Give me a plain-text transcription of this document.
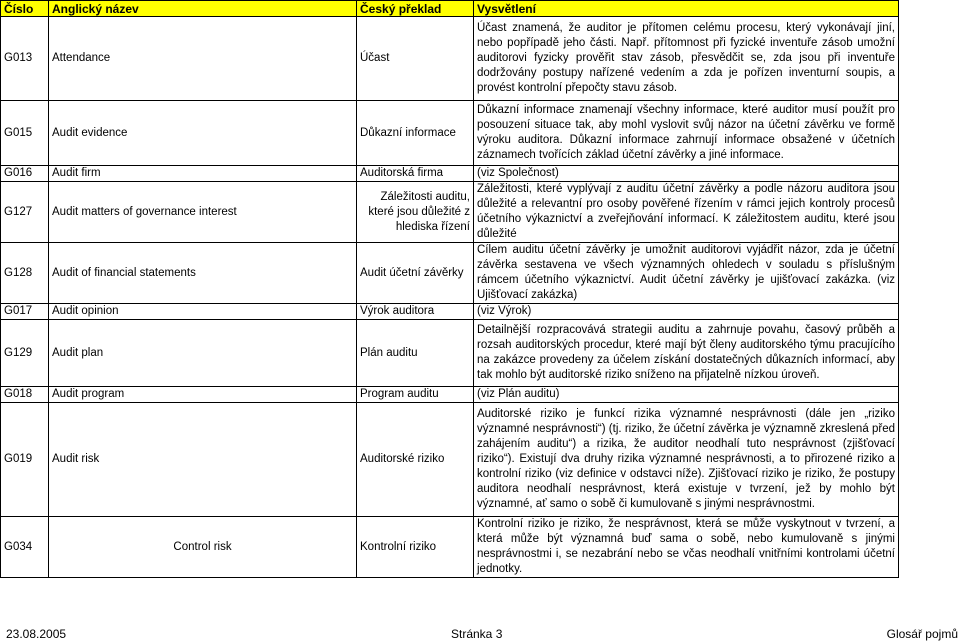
Číslo	Anglický název	Český překlad	Vysvětlení
G013	Attendance	Účast	Účast znamená, že auditor je přítomen celému procesu, který vykonávají jiní, nebo popřípadě jeho části. Např. přítomnost při fyzické inventuře zásob umožní auditorovi fyzicky prověřit stav zásob, přesvědčit se, zda jsou při inventuře dodržovány postupy nařízené vedením a zda je pořízen inventurní soupis, a provést kontrolní přepočty stavu zásob.
G015	Audit evidence	Důkazní informace	Důkazní informace znamenají všechny informace, které auditor musí použít pro posouzení situace tak, aby mohl vyslovit svůj názor na účetní závěrku ve formě výroku auditora. Důkazní informace zahrnují informace obsažené v účetních záznamech tvořících základ účetní závěrky a jiné informace.
G016	Audit firm	Auditorská firma	(viz Společnost)
G127	Audit matters of governance interest	Záležitosti auditu, které jsou důležité z hlediska řízení	Záležitosti, které vyplývají z auditu účetní závěrky a podle názoru auditora jsou důležité a relevantní pro osoby pověřené řízením v rámci jejich kontroly procesů účetního výkaznictví a zveřejňování informací. K záležitostem auditu, které jsou důležité
G128	Audit of financial statements	Audit účetní závěrky	Cílem auditu účetní závěrky je umožnit auditorovi vyjádřit názor, zda je účetní závěrka sestavena ve všech významných ohledech v souladu s příslušným rámcem účetního výkaznictví. Audit účetní závěrky je ujišťovací zakázka. (viz Ujišťovací zakázka)
G017	Audit opinion	Výrok auditora	(viz Výrok)
G129	Audit plan	Plán auditu	Detailnější rozpracovává strategii auditu a zahrnuje povahu, časový průběh a rozsah auditorských procedur, které mají být členy auditorského týmu pracujícího na zakázce provedeny za účelem získání dostatečných důkazních informací, aby tak mohlo být auditorské riziko sníženo na přijatelně nízkou úroveň.
G018	Audit program	Program auditu	(viz Plán auditu)
G019	Audit risk	Auditorské riziko	Auditorské riziko je funkcí rizika významné nesprávnosti (dále jen „riziko významné nesprávnosti“) (tj. riziko, že účetní závěrka je významně zkreslená před zahájením auditu“) a rizika, že auditor neodhalí tuto nesprávnost (zjišťovací riziko“). Existují dva druhy rizika významné nesprávnosti, a to přirozené riziko a kontrolní riziko (viz definice v odstavci níže). Zjišťovací riziko je riziko, že postupy auditora neodhalí nesprávnost, která existuje v tvrzení, jež by mohlo být významné, ať samo o sobě či kumulovaně s jinými nesprávnostmi.
G034	Control risk	Kontrolní riziko	Kontrolní riziko je riziko, že nesprávnost, která se může vyskytnout v tvrzení, a která může být významná buď sama o sobě, nebo kumulovaně s jinými nesprávnostmi i, se nezabrání nebo se včas neodhalí vnitřními kontrolami účetní jednotky.
23.08.2005	Stránka 3	Glosář pojmů
